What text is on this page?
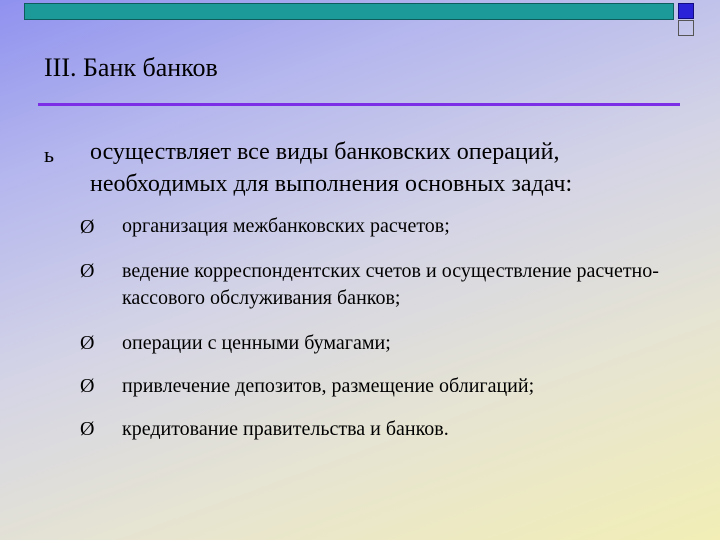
III. Банк банков
ь осуществляет все виды банковских операций, необходимых для выполнения основных задач:
Ø организация межбанковских расчетов;
Ø ведение корреспондентских счетов и осуществление расчетно-кассового обслуживания банков;
Ø операции с ценными бумагами;
Ø привлечение депозитов, размещение облигаций;
Ø кредитование правительства и банков.
